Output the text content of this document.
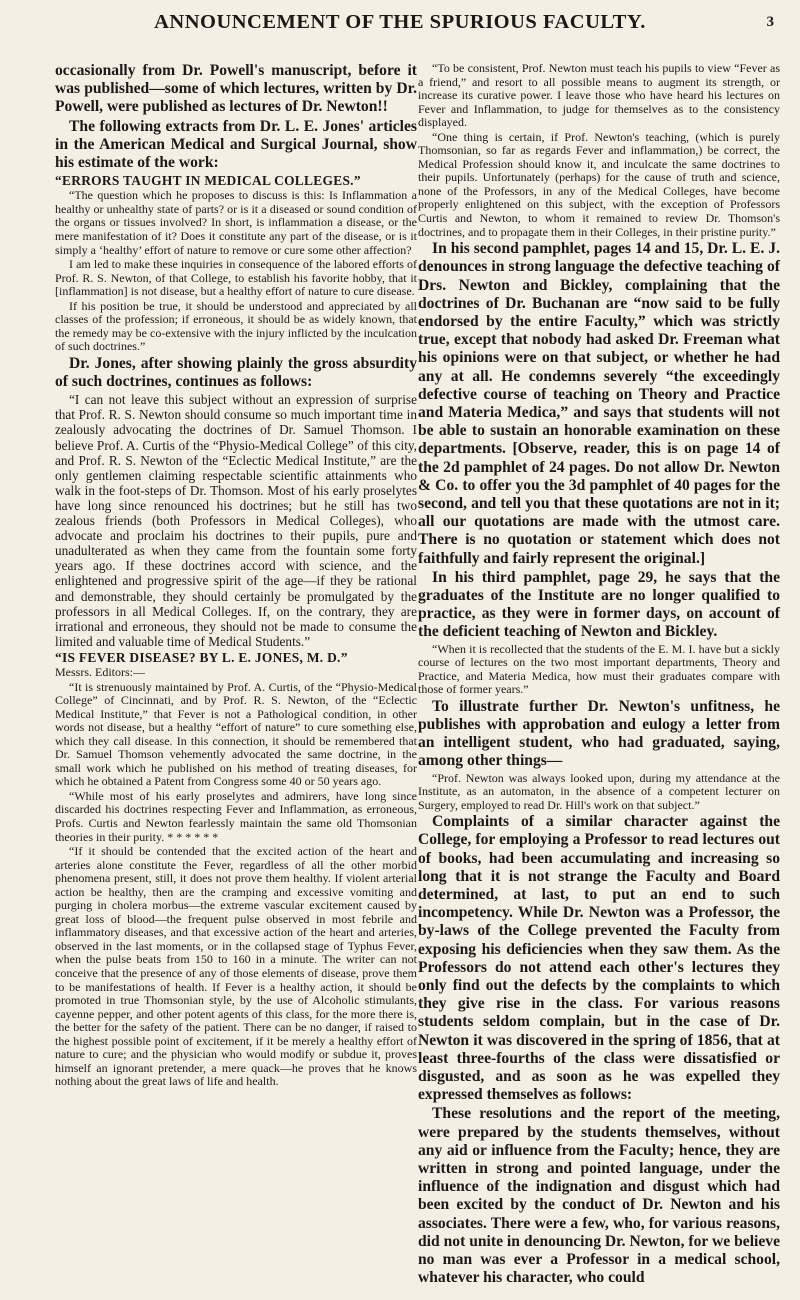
ANNOUNCEMENT OF THE SPURIOUS FACULTY.	3

occasionally from Dr. Powell's manuscript, before it was published—some of which lectures, written by Dr. Powell, were published as lectures of Dr. Newton!!

The following extracts from Dr. L. E. Jones' articles in the American Medical and Surgical Journal, show his estimate of the work:

“ERRORS TAUGHT IN MEDICAL COLLEGES.”

“The question which he proposes to discuss is this: Is Inflammation a healthy or unhealthy state of parts? or is it a diseased or sound condition of the organs or tissues involved? In short, is inflammation a disease, or the mere manifestation of it? Does it constitute any part of the disease, or is it simply a ‘healthy’ effort of nature to remove or cure some other affection?

I am led to make these inquiries in consequence of the labored efforts of Prof. R. S. Newton, of that College, to establish his favorite hobby, that it [inflammation] is not disease, but a healthy effort of nature to cure disease.

If his position be true, it should be understood and appreciated by all classes of the profession; if erroneous, it should be as widely known, that the remedy may be co-extensive with the injury inflicted by the inculcation of such doctrines.”

Dr. Jones, after showing plainly the gross absurdity of such doctrines, continues as follows:

“I can not leave this subject without an expression of surprise that Prof. R. S. Newton should consume so much important time in zealously advocating the doctrines of Dr. Samuel Thomson. I believe Prof. A. Curtis of the “Physio-Medical College” of this city, and Prof. R. S. Newton of the “Eclectic Medical Institute,” are the only gentlemen claiming respectable scientific attainments who walk in the foot-steps of Dr. Thomson. Most of his early proselytes have long since renounced his doctrines; but he still has two zealous friends (both Professors in Medical Colleges), who advocate and proclaim his doctrines to their pupils, pure and unadulterated as when they came from the fountain some forty years ago. If these doctrines accord with science, and the enlightened and progressive spirit of the age—if they be rational and demonstrable, they should certainly be promulgated by the professors in all Medical Colleges. If, on the contrary, they are irrational and erroneous, they should not be made to consume the limited and valuable time of Medical Students.”

“IS FEVER DISEASE? BY L. E. JONES, M. D.”

Messrs. Editors:—

“It is strenuously maintained by Prof. A. Curtis, of the “Physio-Medical College” of Cincinnati, and by Prof. R. S. Newton, of the “Eclectic Medical Institute,” that Fever is not a Pathological condition, in other words not disease, but a healthy “effort of nature” to cure something else, which they call disease. In this connection, it should be remembered that Dr. Samuel Thomson vehemently advocated the same doctrine, in the small work which he published on his method of treating diseases, for which he obtained a Patent from Congress some 40 or 50 years ago.

“While most of his early proselytes and admirers, have long since discarded his doctrines respecting Fever and Inflammation, as erroneous, Profs. Curtis and Newton fearlessly maintain the same old Thomsonian theories in their purity. * * * * * *

“If it should be contended that the excited action of the heart and arteries alone constitute the Fever, regardless of all the other morbid phenomena present, still, it does not prove them healthy. If violent arterial action be healthy, then are the cramping and excessive vomiting and purging in cholera morbus—the extreme vascular excitement caused by great loss of blood—the frequent pulse observed in most febrile and inflammatory diseases, and that excessive action of the heart and arteries, observed in the last moments, or in the collapsed stage of Typhus Fever, when the pulse beats from 150 to 160 in a minute. The writer can not conceive that the presence of any of those elements of disease, prove them to be manifestations of health. If Fever is a healthy action, it should be promoted in true Thomsonian style, by the use of Alcoholic stimulants, cayenne pepper, and other potent agents of this class, for the more there is, the better for the safety of the patient. There can be no danger, if raised to the highest possible point of excitement, if it be merely a healthy effort of nature to cure; and the physician who would modify or subdue it, proves himself an ignorant pretender, a mere quack—he proves that he knows nothing about the great laws of life and health.

“To be consistent, Prof. Newton must teach his pupils to view “Fever as a friend,” and resort to all possible means to augment its strength, or increase its curative power. I leave those who have heard his lectures on Fever and Inflammation, to judge for themselves as to the consistency displayed.

“One thing is certain, if Prof. Newton's teaching, (which is purely Thomsonian, so far as regards Fever and inflammation,) be correct, the Medical Profession should know it, and inculcate the same doctrines to their pupils. Unfortunately (perhaps) for the cause of truth and science, none of the Professors, in any of the Medical Colleges, have become properly enlightened on this subject, with the exception of Professors Curtis and Newton, to whom it remained to review Dr. Thomson's doctrines, and to propagate them in their Colleges, in their pristine purity.”

In his second pamphlet, pages 14 and 15, Dr. L. E. J. denounces in strong language the defective teaching of Drs. Newton and Bickley, complaining that the doctrines of Dr. Buchanan are “now said to be fully endorsed by the entire Faculty,” which was strictly true, except that nobody had asked Dr. Freeman what his opinions were on that subject, or whether he had any at all. He condemns severely “the exceedingly defective course of teaching on Theory and Practice and Materia Medica,” and says that students will not be able to sustain an honorable examination on these departments. [Observe, reader, this is on page 14 of the 2d pamphlet of 24 pages. Do not allow Dr. Newton & Co. to offer you the 3d pamphlet of 40 pages for the second, and tell you that these quotations are not in it; all our quotations are made with the utmost care. There is no quotation or statement which does not faithfully and fairly represent the original.]

In his third pamphlet, page 29, he says that the graduates of the Institute are no longer qualified to practice, as they were in former days, on account of the deficient teaching of Newton and Bickley.

“When it is recollected that the students of the E. M. I. have but a sickly course of lectures on the two most important departments, Theory and Practice, and Materia Medica, how must their graduates compare with those of former years.”

To illustrate further Dr. Newton's unfitness, he publishes with approbation and eulogy a letter from an intelligent student, who had graduated, saying, among other things—

“Prof. Newton was always looked upon, during my attendance at the Institute, as an automaton, in the absence of a competent lecturer on Surgery, employed to read Dr. Hill's work on that subject.”

Complaints of a similar character against the College, for employing a Professor to read lectures out of books, had been accumulating and increasing so long that it is not strange the Faculty and Board determined, at last, to put an end to such incompetency. While Dr. Newton was a Professor, the by-laws of the College prevented the Faculty from exposing his deficiencies when they saw them. As the Professors do not attend each other's lectures they only find out the defects by the complaints to which they give rise in the class. For various reasons students seldom complain, but in the case of Dr. Newton it was discovered in the spring of 1856, that at least three-fourths of the class were dissatisfied or disgusted, and as soon as he was expelled they expressed themselves as follows:

These resolutions and the report of the meeting, were prepared by the students themselves, without any aid or influence from the Faculty; hence, they are written in strong and pointed language, under the influence of the indignation and disgust which had been excited by the conduct of Dr. Newton and his associates. There were a few, who, for various reasons, did not unite in denouncing Dr. Newton, for we believe no man was ever a Professor in a medical school, whatever his character, who could
